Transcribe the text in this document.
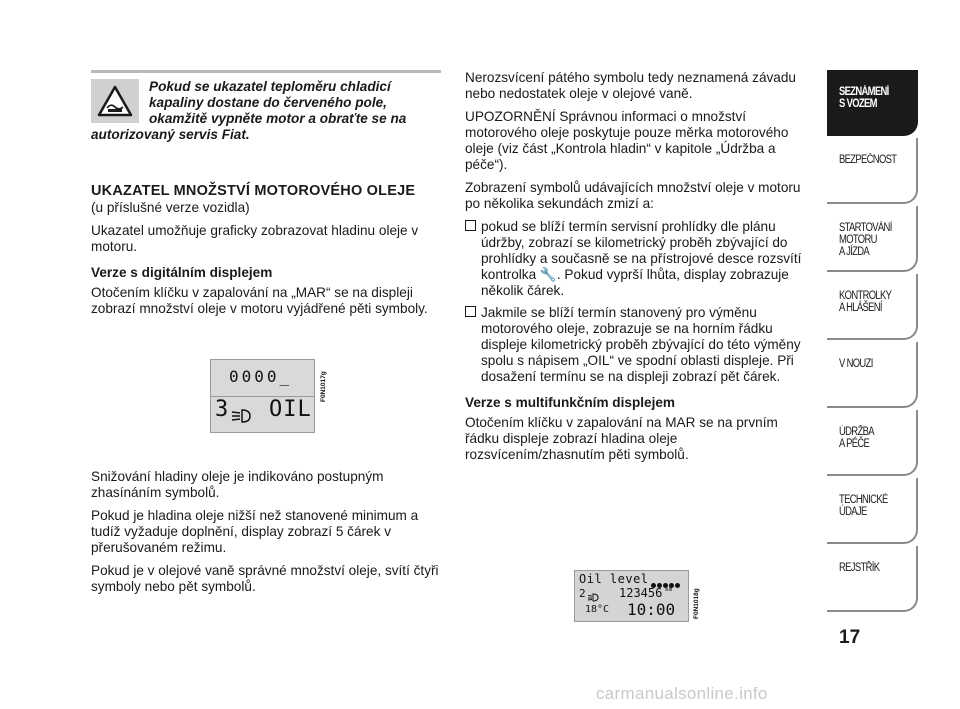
Pokud se ukazatel teploměru chladicí kapaliny dostane do červeného pole, okamžitě vypněte motor a obraťte se na autorizovaný servis Fiat.
UKAZATEL MNOŽSTVÍ MOTOROVÉHO OLEJE

(u příslušné verze vozidla)

Ukazatel umožňuje graficky zobrazovat hladinu oleje v motoru.

Verze s digitálním displejem

Otočením klíčku v zapalování na „MAR“ se na displeji zobrazí množství oleje v motoru vyjádřené pěti symboly.

0000_
3 OIL
F0N1017g

Snižování hladiny oleje je indikováno postupným zhasínáním symbolů.

Pokud je hladina oleje nižší než stanovené minimum a tudíž vyžaduje doplnění, display zobrazí 5 čárek v přerušovaném režimu.

Pokud je v olejové vaně správné množství oleje, svítí čtyři symboly nebo pět symbolů.

Nerozsvícení pátého symbolu tedy neznamená závadu nebo nedostatek oleje v olejové vaně.

UPOZORNĚNÍ Správnou informaci o množství motorového oleje poskytuje pouze měrka motorového oleje (viz část „Kontrola hladin“ v kapitole „Údržba a péče“).

Zobrazení symbolů udávajících množství oleje v motoru po několika sekundách zmizí a:

pokud se blíží termín servisní prohlídky dle plánu údržby, zobrazí se kilometrický proběh zbývající do prohlídky a současně se na přístrojové desce rozsvítí kontrolka 🔧. Pokud vyprší lhůta, display zobrazuje několik čárek.
Jakmile se blíží termín stanovený pro výměnu motorového oleje, zobrazuje se na horním řádku displeje kilometrický proběh zbývající do této výměny spolu s nápisem „OIL“ ve spodní oblasti displeje. Při dosažení termínu se na displeji zobrazí pět čárek.
Verze s multifunkčním displejem

Otočením klíčku v zapalování na MAR se na prvním řádku displeje zobrazí hladina oleje rozsvícením/zhasnutím pěti symbolů.

Oil level
2	123456 km
18°C 10:00	F0N1018g
SEZNÁMENÍ
S VOZEM
BEZPEČNOST
STARTOVÁNÍ
MOTORU
A JÍZDA
KONTROLKY
A HLÁŠENÍ
V NOUZI
ÚDRŽBA
A PÉČE
TECHNICKÉ
ÚDAJE
REJSTŘÍK
17
carmanualsonline.info
